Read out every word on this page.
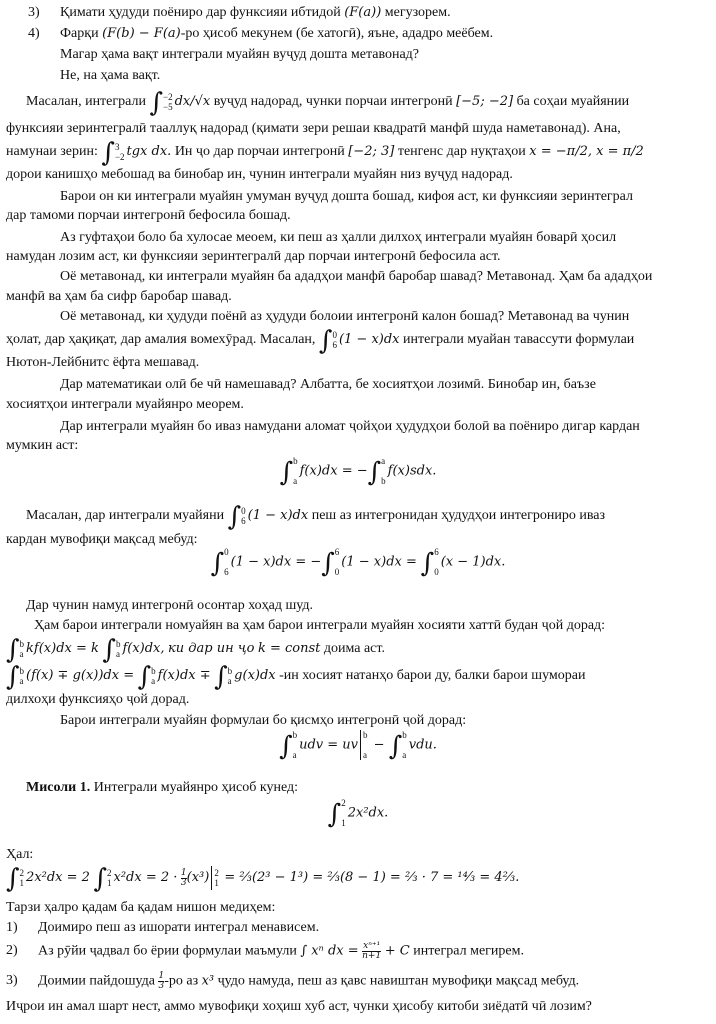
3) Қимати ҳудуди поёниро дар функсияи ибтидой (F(a)) мегузорем.
4) Фарқи (F(b) − F(a)-ро ҳисоб мекунем (бе хатогӣ), яъне, ададро меёбем.
Магар ҳама вақт интеграли муайян вуҷуд дошта метавонад?
Не, на ҳама вақт.
Масалан, интеграли ∫−2
−5 dx/√x вуҷуд надорад, чунки порчаи интегронӣ [−5; −2] ба соҳаи муайянии
функсияи зеринтегралӣ тааллуқ надорад (қимати зери решаи квадратӣ манфӣ шуда наметавонад). Ана,
намунаи зерин: ∫3
−2 tgx dx. Ин ҷо дар порчаи интегронӣ [−2; 3] тенгенс дар нуқтаҳои x = −π/2, x = π/2
дорои канишҳо мебошад ва бинобар ин, чунин интеграли муайян низ вуҷуд надорад.
Барои он ки интеграли муайян умуман вуҷуд дошта бошад, кифоя аст, ки функсияи зеринтеграл
дар тамоми порчаи интегронӣ бефосила бошад.
Аз гуфтаҳои боло ба хулосае меоем, ки пеш аз ҳалли дилхоҳ интеграли муайян боварӣ ҳосил
намудан лозим аст, ки функсияи зеринтегралӣ дар порчаи интегронӣ бефосила аст.
Оё метавонад, ки интеграли муайян ба ададҳои манфӣ баробар шавад? Метавонад. Ҳам ба ададҳои
манфӣ ва ҳам ба сифр баробар шавад.
Оё метавонад, ки ҳудуди поёнӣ аз ҳудуди болоии интегронӣ калон бошад? Метавонад ва чунин
ҳолат, дар ҳақиқат, дар амалия вомехӯрад. Масалан, ∫0
6 (1 − x)dx интеграли муайан тавассути формулаи
Нютон-Лейбнитс ёфта мешавад.
Дар математикаи олӣ бе чӣ намешавад? Албатта, бе хосиятҳои лозимӣ. Бинобар ин, баъзе
хосиятҳои интеграли муайянро меорем.
Дар интеграли муайян бо иваз намудани аломат ҷойҳои ҳудудҳои болоӣ ва поёниро дигар кардан
мумкин аст:
∫b

af(x)dx = −∫a

bf(x)sdx.
Масалан, дар интеграли муайяни ∫0
6 (1 − x)dx пеш аз интегронидан ҳудудҳои интегрониро иваз
кардан мувофиқи мақсад мебуд:
∫0

6(1 − x)dx = −∫6

0(1 − x)dx = ∫6

0(x − 1)dx.
Дар чунин намуд интегронӣ осонтар хоҳад шуд.
Ҳам барои интеграли номуайян ва ҳам барои интеграли муайян хосияти хаттӣ будан ҷой дорад:
∫b
a kf(x)dx = k ∫b
a f(x)dx, ки дар ин ҷо k = const доима аст.
∫b
a (f(x) ∓ g(x))dx = ∫b
a f(x)dx ∓ ∫b
a g(x)dx -ин хосият натанҳо барои ду, балки барои шумораи
дилхоҳи функсияҳо ҷой дорад.
Барои интеграли муайян формулаи бо қисмҳо интегронӣ ҷой дорад:
∫b

audv = uvb

a − ∫b

avdu.
Мисоли 1. Интеграли муайянро ҳисоб кунед:
∫2

12x²dx.
Ҳал:
∫2
1 2x²dx = 2 ∫2
1 $x^2dx = 2 \cdot \frac{1}{3} (x^3)$ 2
1 = ⅔(2³ − 1³) = ⅔(8 − 1) = ⅔ · 7 = ¹⁴⁄₃ = 4⅔.
Тарзи ҳалро қадам ба қадам нишон медиҳем:
1) Доимиро пеш аз ишорати интеграл менависем.
2) Аз рӯйи ҷадвал бо ёрии формулаи маъмули ∫ xⁿ dx = $\frac{\text{xⁿ⁺¹}}{n+1} + C$ интеграл мегирем.
3) Доимии пайдошуда $\frac{1}{3} -ро$ аз x³ ҷудо намуда, пеш аз қавс навиштан мувофиқи мақсад мебуд.
Иҷрои ин амал шарт нест, аммо мувофиқи хоҳиш хуб аст, чунки ҳисобу китоби зиёдатӣ чӣ лозим?
